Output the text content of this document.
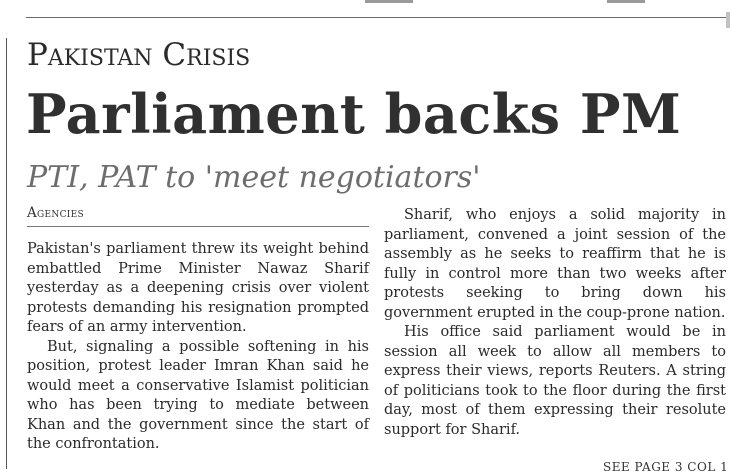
Pakistan Crisis
Parliament backs PM
PTI, PAT to 'meet negotiators'
Agencies

Pakistan's parliament threw its weight behind embattled Prime Minister Nawaz Sharif yesterday as a deepening crisis over violent protests demanding his resignation prompted fears of an army intervention.

But, signaling a possible softening in his position, protest leader Imran Khan said he would meet a conservative Islamist politician who has been trying to mediate between Khan and the government since the start of the confrontation.

Sharif, who enjoys a solid majority in parliament, convened a joint session of the assembly as he seeks to reaffirm that he is fully in control more than two weeks after protests seeking to bring down his government erupted in the coup-prone nation.

His office said parliament would be in session all week to allow all members to express their views, reports Reuters. A string of politicians took to the floor during the first day, most of them expressing their resolute support for Sharif.

SEE PAGE 3 COL 1
